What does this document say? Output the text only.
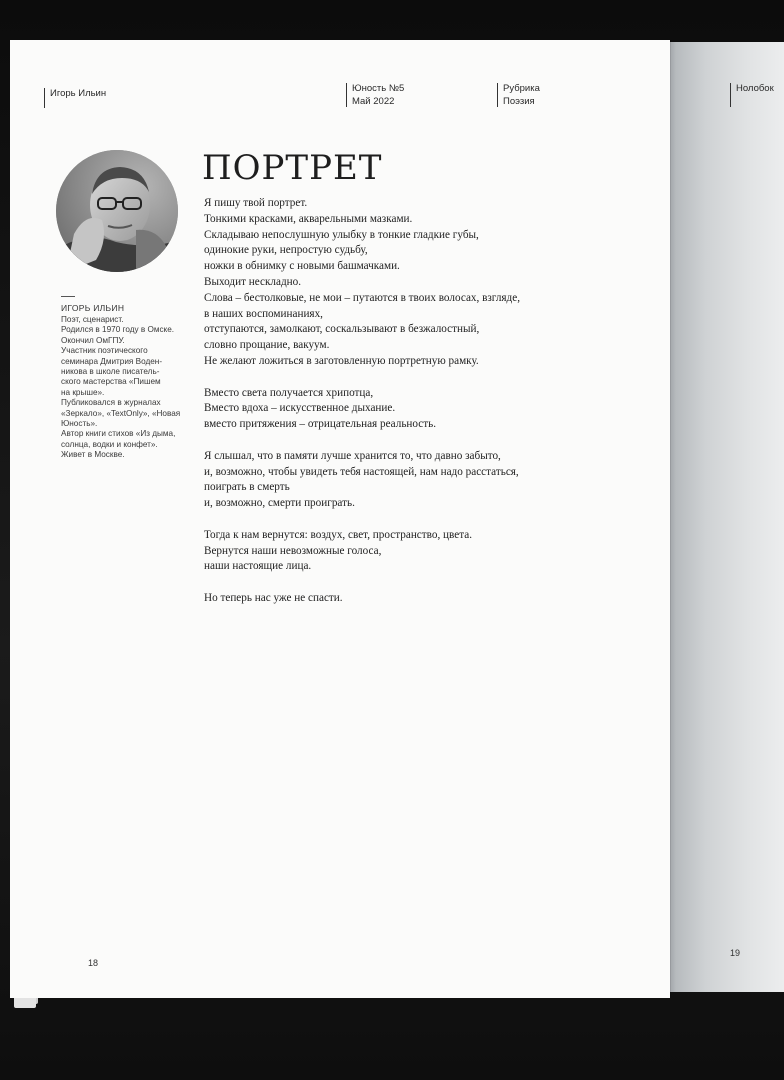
Нолобок
19
Игорь Ильин	Юность №5
Май 2022
Рубрика
Поэзия
ПОРТРЕТ
ИГОРЬ ИЛЬИН
Поэт, сценарист.
Родился в 1970 году в Омске.
Окончил ОмГПУ.
Участник поэтического
семинара Дмитрия Воден-
никова в школе писатель-
ского мастерства «Пишем
на крыше».
Публиковался в журналах
«Зеркало», «TextOnly», «Новая
Юность».
Автор книги стихов «Из дыма,
солнца, водки и конфет».
Живет в Москве.
Я пишу твой портрет.
Тонкими красками, акварельными мазками.
Складываю непослушную улыбку в тонкие гладкие губы,
одинокие руки, непростую судьбу,
ножки в обнимку с новыми башмачками.
Выходит нескладно.
Слова – бестолковые, не мои – путаются в твоих волосах, взгляде,
в наших воспоминаниях,
отступаются, замолкают, соскальзывают в безжалостный,
словно прощание, вакуум.
Не желают ложиться в заготовленную портретную рамку.
Вместо света получается хрипотца,
Вместо вдоха – искусственное дыхание.
вместо притяжения – отрицательная реальность.
Я слышал, что в памяти лучше хранится то, что давно забыто,
и, возможно, чтобы увидеть тебя настоящей, нам надо расстаться,
поиграть в смерть
и, возможно, смерти проиграть.
Тогда к нам вернутся: воздух, свет, пространство, цвета.
Вернутся наши невозможные голоса,
наши настоящие лица.
Но теперь нас уже не спасти.
18
